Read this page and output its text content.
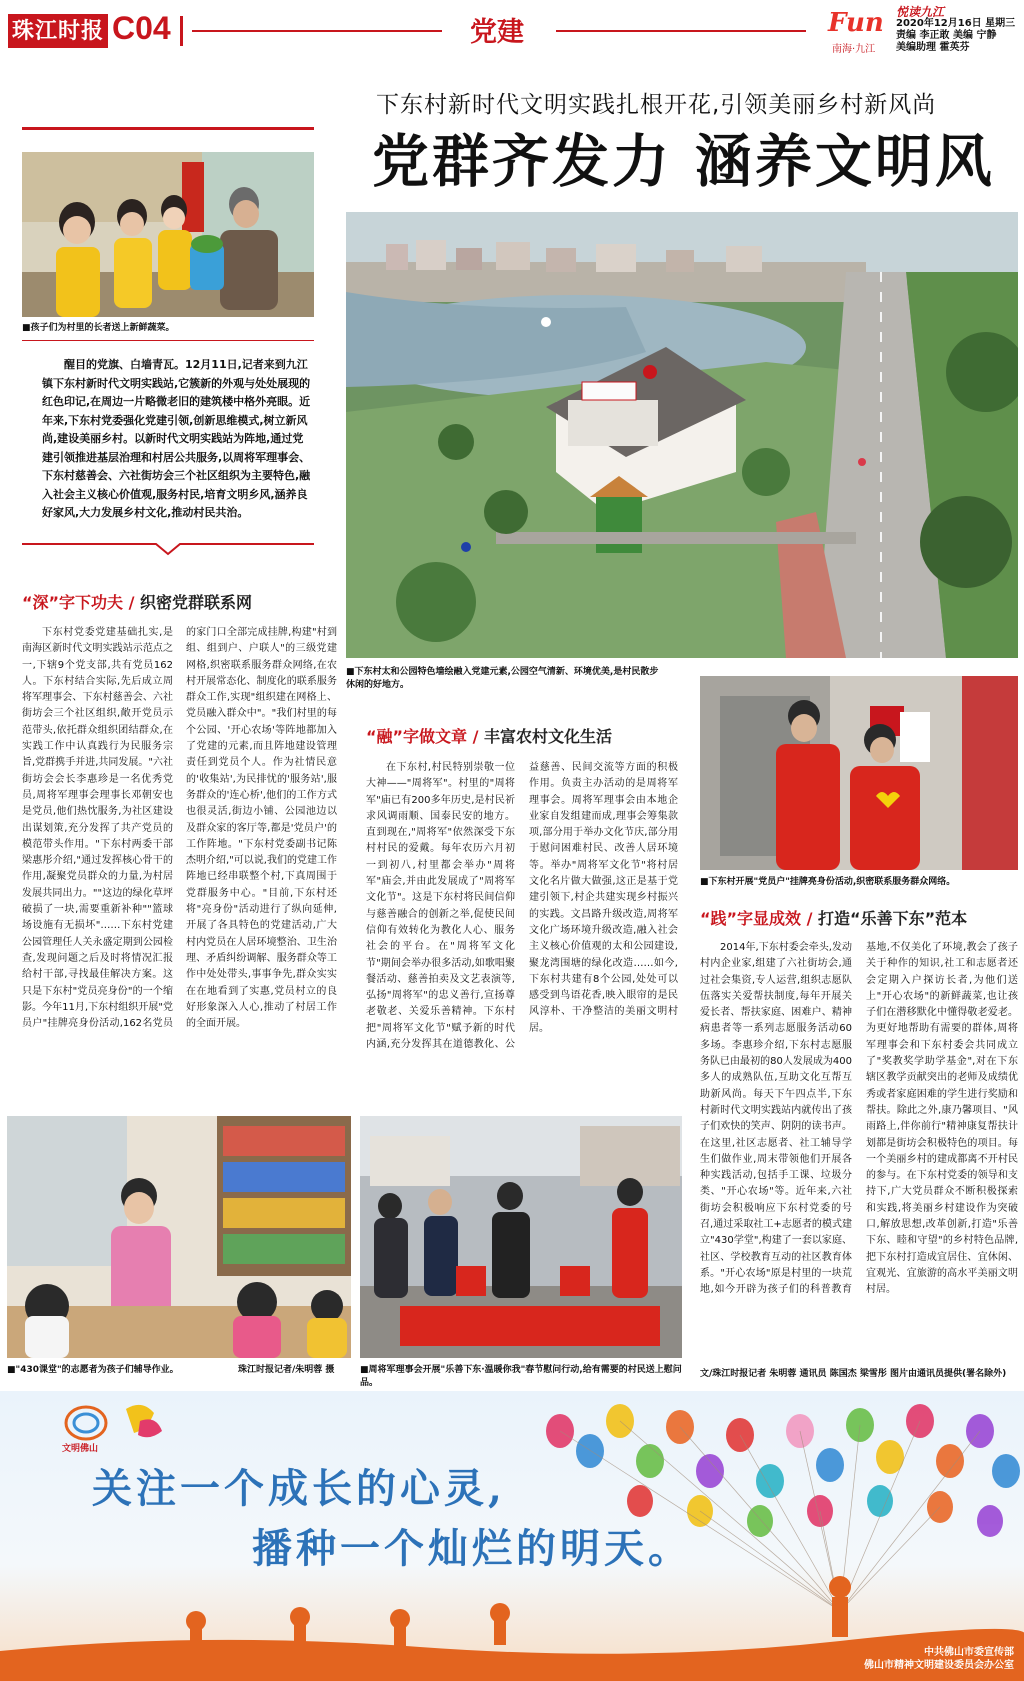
珠江时报 C04	党建	Fun
南海·九江
悦读九江
2020年12月16日 星期三
责编 李正敢 美编 宁静
美编助理 霍英芬
下东村新时代文明实践扎根开花,引领美丽乡村新风尚
党群齐发力 涵养文明风
■孩子们为村里的长者送上新鲜蔬菜。
醒目的党旗、白墙青瓦。12月11日,记者来到九江镇下东村新时代文明实践站,它簇新的外观与处处展现的红色印记,在周边一片略微老旧的建筑楼中格外亮眼。近年来,下东村党委强化党建引领,创新思维模式,树立新风尚,建设美丽乡村。以新时代文明实践站为阵地,通过党建引领推进基层治理和村居公共服务,以周将军理事会、下东村慈善会、六社街坊会三个社区组织为主要特色,融入社会主义核心价值观,服务村民,培育文明乡风,涵养良好家风,大力发展乡村文化,推动村民共治。
■下东村太和公园特色墙绘融入党建元素,公园空气清新、环境优美,是村民散步休闲的好地方。
“深”字下功夫 / 织密党群联系网

下东村党委党建基础扎实,是南海区新时代文明实践站示范点之一,下辖9个党支部,共有党员162人。下东村结合实际,先后成立周将军理事会、下东村慈善会、六社街坊会三个社区组织,敞开党员示范带头,依托群众组织团结群众,在实践工作中认真践行为民服务宗旨,党群携手并进,共同发展。"六社街坊会会长李惠珍是一名优秀党员,周将军理事会理事长邓朝安也是党员,他们热忱服务,为社区建设出谋划策,充分发挥了共产党员的模范带头作用。"下东村两委干部梁惠彤介绍,"通过发挥核心骨干的作用,凝聚党员群众的力量,为村居发展共同出力。""这边的绿化草坪破损了一块,需要重新补种""篮球场设施有无损坏"……下东村党建公园管理任人关永盛定期到公园检查,发现问题之后及时将情况汇报给村干部,寻找最佳解决方案。这只是下东村"党员亮身份"的一个缩影。今年11月,下东村组织开展"党员户"挂牌亮身份活动,162名党员的家门口全部完成挂牌,构建"村到组、组到户、户联人"的三级党建网格,织密联系服务群众网络,在农村开展常态化、制度化的联系服务群众工作,实现"组织建在网格上、党员融入群众中"。"我们村里的每个公园、'开心农场'等阵地都加入了党建的元素,而且阵地建设管理责任到党员个人。作为社情民意的'收集站',为民排忧的'服务站',服务群众的'连心桥',他们的工作方式也很灵活,街边小铺、公园池边以及群众家的客厅等,都是'党员户'的工作阵地。"下东村党委副书记陈杰明介绍,"可以说,我们的党建工作阵地已经串联整个村,下真周围于党群服务中心。"目前,下东村还将"亮身份"活动进行了纵向延伸,开展了各具特色的党建活动,广大村内党员在人居环境整治、卫生治理、矛盾纠纷调解、服务群众等工作中处处带头,事事争先,群众实实在在地看到了实惠,党员村立的良好形象深入人心,推动了村居工作的全面开展。

“融”字做文章 / 丰富农村文化生活

在下东村,村民特别崇敬一位大神——"周将军"。村里的"周将军"庙已有200多年历史,是村民祈求风调雨顺、国泰民安的地方。直到现在,"周将军"依然深受下东村村民的爱戴。每年农历六月初一到初八,村里都会举办"周将军"庙会,并由此发展成了"周将军文化节"。这是下东村将民间信仰与慈善融合的创新之举,促使民间信仰有效转化为教化人心、服务社会的平台。在"周将军文化节"期间会举办很多活动,如歌唱聚餐活动、慈善拍卖及文艺表演等,弘扬"周将军"的忠义善行,宣扬尊老敬老、关爱乐善精神。下东村把"周将军文化节"赋予新的时代内涵,充分发挥其在道德教化、公益慈善、民间交流等方面的积极作用。负责主办活动的是周将军理事会。周将军理事会由本地企业家自发组建而成,理事会筹集款项,部分用于举办文化节庆,部分用于慰问困难村民、改善人居环境等。举办"周将军文化节"将村居文化名片做大做强,这正是基于党建引领下,村企共建实现乡村振兴的实践。文昌路升级改造,周将军文化广场环境升级改造,融入社会主义核心价值观的太和公园建设,聚龙湾围塘的绿化改造……如今,下东村共建有8个公园,处处可以感受到鸟语花香,映入眼帘的是民风淳朴、干净整洁的美丽文明村居。

■下东村开展"党员户"挂牌亮身份活动,织密联系服务群众网络。
“践”字显成效 / 打造“乐善下东”范本

2014年,下东村委会牵头,发动村内企业家,组建了六社街坊会,通过社会集资,专人运营,组织志愿队伍落实关爱帮扶制度,每年开展关爱长者、帮扶家庭、困难户、精神病患者等一系列志愿服务活动60多场。李惠珍介绍,下东村志愿服务队已由最初的80人发展成为400多人的成熟队伍,互助文化互帮互助新风尚。每天下午四点半,下东村新时代文明实践站内就传出了孩子们欢快的笑声、阴阴的读书声。在这里,社区志愿者、社工辅导学生们做作业,周末带领他们开展各种实践活动,包括手工课、垃圾分类、"开心农场"等。近年来,六社街坊会积极响应下东村党委的号召,通过采取社工+志愿者的模式建立"430学堂",构建了一套以家庭、社区、学校教育互动的社区教育体系。"开心农场"原是村里的一块荒地,如今开辟为孩子们的科普教育基地,不仅美化了环境,教会了孩子关于种作的知识,社工和志愿者还会定期入户探访长者,为他们送上"开心农场"的新鲜蔬菜,也让孩子们在潜移默化中懂得敬老爱老。为更好地帮助有需要的群体,周将军理事会和下东村委会共同成立了"奖教奖学助学基金",对在下东辖区教学贡献突出的老师及成绩优秀或者家庭困难的学生进行奖励和帮扶。除此之外,康乃馨项目、"风雨路上,伴你前行"精神康复帮扶计划都是街坊会积极特色的项目。每一个美丽乡村的建成都离不开村民的参与。在下东村党委的领导和支持下,广大党员群众不断积极探索和实践,将美丽乡村建设作为突破口,解放思想,改革创新,打造"乐善下东、睦和守望"的乡村特色品牌,把下东村打造成宜居住、宜休闲、宜观光、宜旅游的高水平美丽文明村居。

■"430课堂"的志愿者为孩子们辅导作业。	珠江时报记者/朱明蓉 摄	■周将军理事会开展"乐善下东·温暖你我"春节慰问行动,给有需要的村民送上慰问品。
文/珠江时报记者 朱明蓉 通讯员 陈国杰 梁雪彤 图片由通讯员提供(署名除外)
文明佛山
关注一个成长的心灵,
播种一个灿烂的明天。
中共佛山市委宣传部
佛山市精神文明建设委员会办公室
